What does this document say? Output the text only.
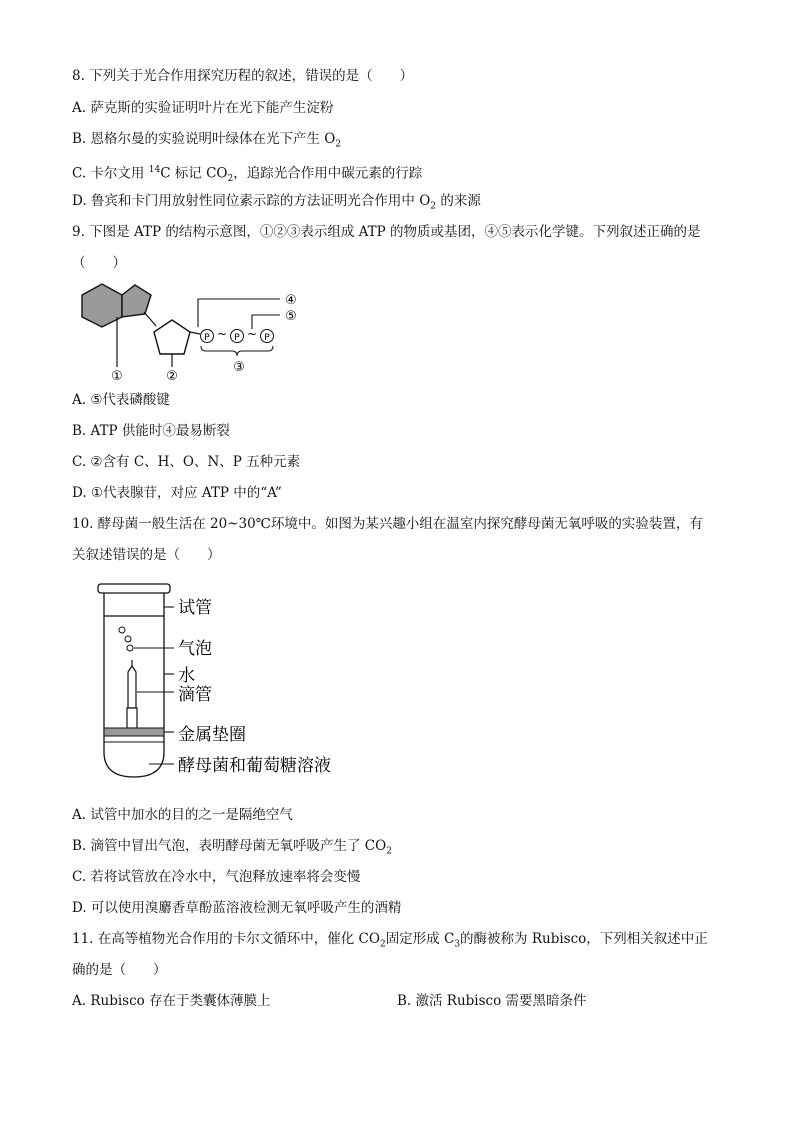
8. 下列关于光合作用探究历程的叙述，错误的是（　　）
A. 萨克斯的实验证明叶片在光下能产生淀粉
B. 恩格尔曼的实验说明叶绿体在光下产生 $O_2$
C. 卡尔文用 $^{14}$C 标记 $CO_2$，追踪光合作用中碳元素的行踪
D. 鲁宾和卡门用放射性同位素示踪的方法证明光合作用中 $O_2$ 的来源
9. 下图是 ATP 的结构示意图，①②③表示组成 ATP 的物质或基团，④⑤表示化学键。下列叙述正确的是
（　　）
①	②
P ~ P ~ P
④
⑤
③
A. ⑤代表磷酸键
B. ATP 供能时④最易断裂
C. ②含有 C、H、O、N、P 五种元素
D. ①代表腺苷，对应 ATP 中的“A”
10. 酵母菌一般生活在 20~30℃环境中。如图为某兴趣小组在温室内探究酵母菌无氧呼吸的实验装置，有
关叙述错误的是（　　）
试管
气泡
水
滴管
金属垫圈
酵母菌和葡萄糖溶液
A. 试管中加水的目的之一是隔绝空气
B. 滴管中冒出气泡，表明酵母菌无氧呼吸产生了 $CO_2$
C. 若将试管放在冷水中，气泡释放速率将会变慢
D. 可以使用溴麝香草酚蓝溶液检测无氧呼吸产生的酒精
11. 在高等植物光合作用的卡尔文循环中，催化 $CO_2$固定形成 $C_3$的酶被称为 Rubisco，下列相关叙述中正
确的是（　　）
A. Rubisco 存在于类囊体薄膜上	B. 激活 Rubisco 需要黑暗条件
